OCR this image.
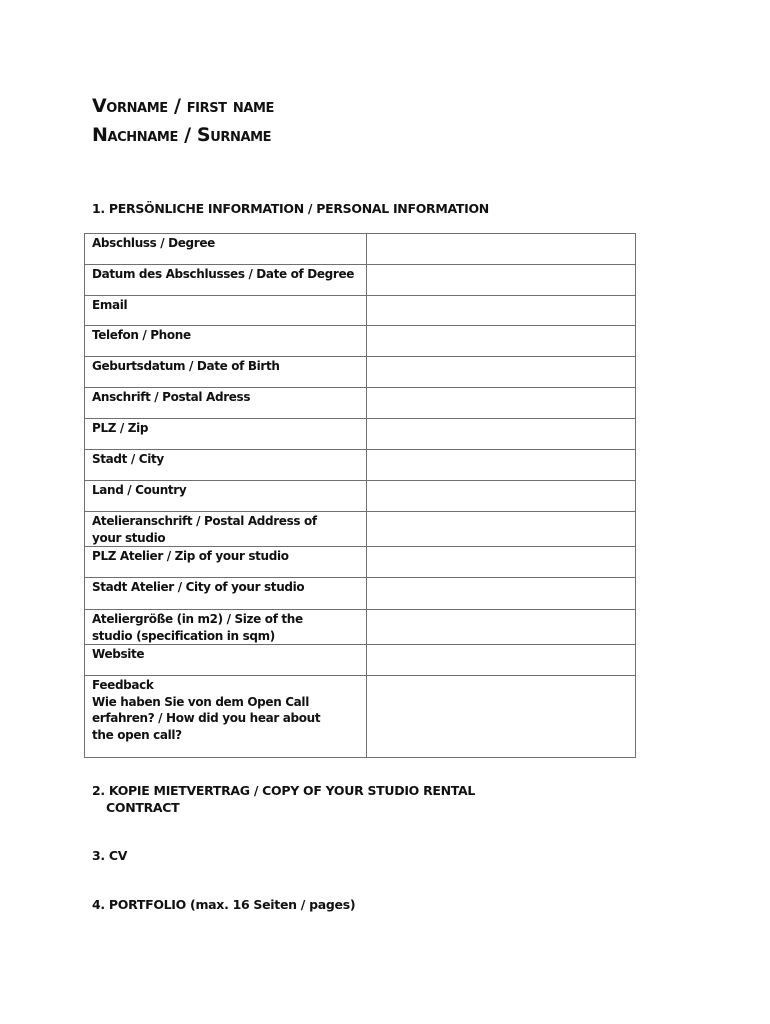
Vorname / first name
Nachname / Surname
1. PERSÖNLICHE INFORMATION / PERSONAL INFORMATION
Abschluss / Degree	
Datum des Abschlusses / Date of Degree	
Email	
Telefon / Phone	
Geburtsdatum / Date of Birth	
Anschrift / Postal Adress	
PLZ / Zip	
Stadt / City	
Land / Country	

Atelieranschrift / Postal Address of
your studio	

PLZ Atelier / Zip of your studio	
Stadt Atelier / City of your studio	

Ateliergröße (in m2) / Size of the
studio (specification in sqm)	

Website	

Feedback
Wie haben Sie von dem Open Call
erfahren? / How did you hear about
the open call?	

2. KOPIE MIETVERTRAG / COPY OF YOUR STUDIO RENTAL
CONTRACT
3. CV
4. PORTFOLIO (max. 16 Seiten / pages)
